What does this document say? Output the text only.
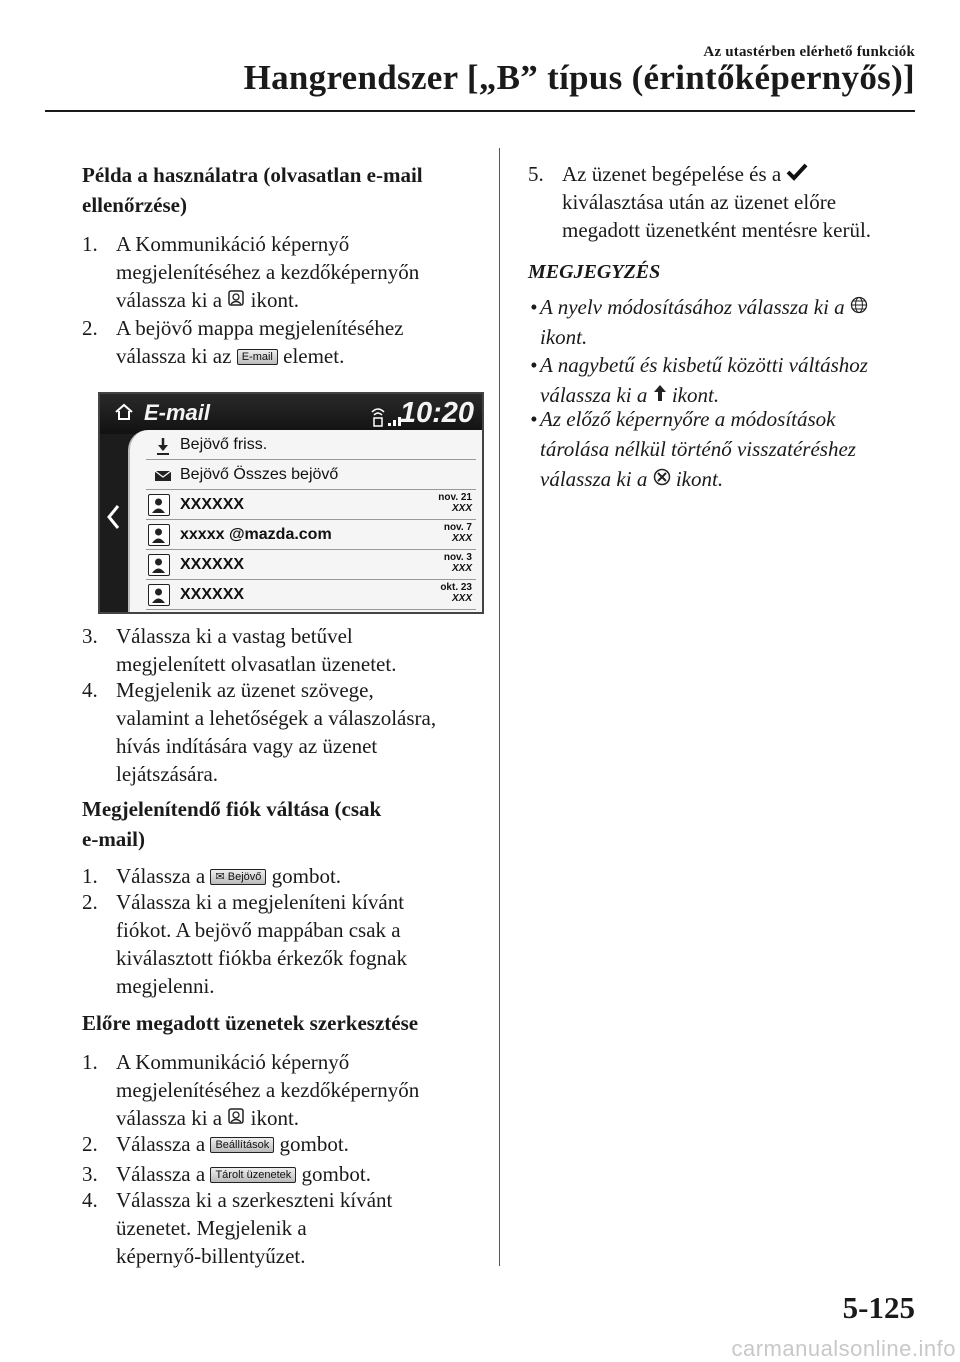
Az utastérben elérhető funkciók
Hangrendszer [„B” típus (érintőképernyős)]
Példa a használatra (olvasatlan e-mail
ellenőrzése)
1. A Kommunikáció képernyő
megjelenítéséhez a kezdőképernyőn
válassza ki a ikont.
2. A bejövő mappa megjelenítéséhez
válassza ki az E-mail elemet.
3. Válassza ki a vastag betűvel
megjelenített olvasatlan üzenetet.
4. Megjelenik az üzenet szövege,
valamint a lehetőségek a válaszolásra,
hívás indítására vagy az üzenet
lejátszására.
Megjelenítendő fiók váltása (csak
e-mail)
1. Válassza a ✉ Bejövő gombot.
2. Válassza ki a megjeleníteni kívánt
fiókot. A bejövő mappában csak a
kiválasztott fiókba érkezők fognak
megjelenni.
Előre megadott üzenetek szerkesztése
1. A Kommunikáció képernyő
megjelenítéséhez a kezdőképernyőn
válassza ki a ikont.
2. Válassza a Beállítások gombot.
3. Válassza a Tárolt üzenetek gombot.
4. Válassza ki a szerkeszteni kívánt
üzenetet. Megjelenik a
képernyő-billentyűzet.
E-mail	10:20
Bejövő friss.
Bejövő Összes bejövő
XXXXXX	nov. 21
XXX
xxxxx @mazda.com	nov. 7
XXX
XXXXXX	nov. 3
XXX
XXXXXX	okt. 23
XXX
5. Az üzenet begépelése és a
kiválasztása után az üzenet előre
megadott üzenetként mentésre kerül.
MEGJEGYZÉS
• A nyelv módosításához válassza ki a
ikont.
• A nagybetű és kisbetű közötti váltáshoz
válassza ki a ikont.
• Az előző képernyőre a módosítások
tárolása nélkül történő visszatéréshez
válassza ki a ikont.
5-125
carmanualsonline.info
